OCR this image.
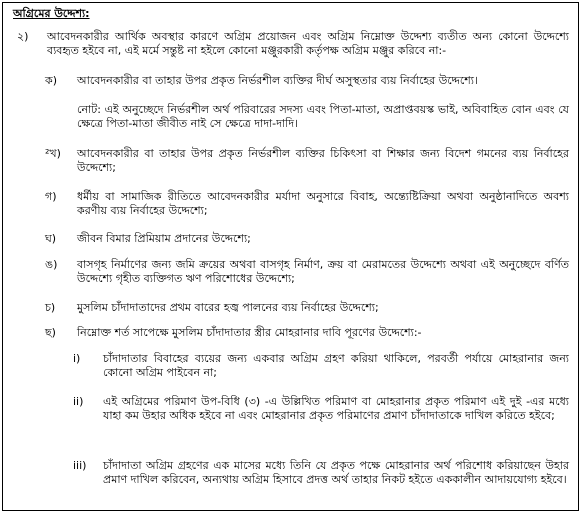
অগ্রিমের উদ্দেশ্য:
২) আবেদনকারীর আর্থিক অবস্থার কারণে অগ্রিম প্রয়োজন এবং অগ্রিম নিম্নোক্ত উদ্দেশ্য ব্যতীত অন্য কোনো উদ্দেশ্যে ব্যবহৃত হইবে না, এই মর্মে সন্তুষ্ট না হইলে কোনো মঞ্জুরকারী কর্তৃপক্ষ অগ্রিম মঞ্জুর করিবে না:-
ক) আবেদনকারীর বা তাহার উপর প্রকৃত নির্ভরশীল ব্যক্তির দীর্ঘ অসুস্থতার ব্যয় নির্বাহের উদ্দেশ্যে।
নোট: এই অনুচ্ছেদে নির্ভরশীল অর্থ পরিবারের সদস্য এবং পিতা-মাতা, অপ্রাপ্তবয়স্ক ভাই, অবিবাহিত বোন এবং যে ক্ষেত্রে পিতা-মাতা জীবীত নাই সে ক্ষেত্রে দাদা-দাদি।
²খ) আবেদনকারীর বা তাহার উপর প্রকৃত নির্ভরশীল ব্যক্তির চিকিৎসা বা শিক্ষার জন্য বিদেশ গমনের ব্যয় নির্বাহের উদ্দেশ্যে;
গ) ধর্মীয় বা সামাজিক রীতিতে আবেদনকারীর মর্যাদা অনুসারে বিবাহ, অন্ত্যেষ্টিক্রিয়া অথবা অনুষ্ঠানাদিতে অবশ্য করণীয় ব্যয় নির্বাহের উদ্দেশ্যে;
ঘ) জীবন বিমার প্রিমিয়াম প্রদানের উদ্দেশ্যে;
ঙ) বাসগৃহ নির্মাণের জন্য জমি ক্রয়ের অথবা বাসগৃহ নির্মাণ, ক্রয় বা মেরামতের উদ্দেশ্যে অথবা এই অনুচ্ছেদে বর্ণিত উদ্দেশ্যে গৃহীত ব্যক্তিগত ঋণ পরিশোধের উদ্দেশ্যে;
চ) মুসলিম চাঁদাদাতাদের প্রথম বারের হজ্ব পালনের ব্যয় নির্বাহের উদ্দেশ্যে;
ছ) নিম্নোক্ত শর্ত সাপেক্ষে মুসলিম চাঁদাদাতার স্ত্রীর মোহরানার দাবি পূরণের উদ্দেশ্যে:-
i) চাঁদাদাতার বিবাহের ব্যয়ের জন্য একবার অগ্রিম গ্রহণ করিয়া থাকিলে, পরবর্তী পর্যায়ে মোহরানার জন্য কোনো অগ্রিম পাইবেন না;
ii) এই অগ্রিমের পরিমাণ উপ-বিধি (৩) -এ উল্লিখিত পরিমাণ বা মোহরানার প্রকৃত পরিমাণ এই দুই -এর মধ্যে যাহা কম উহার অধিক হইবে না এবং মোহরানার প্রকৃত পরিমাণের প্রমাণ চাঁদাদাতাকে দাখিল করিতে হইবে;
iii) চাঁদাদাতা অগ্রিম গ্রহণের এক মাসের মধ্যে তিনি যে প্রকৃত পক্ষে মোহরানার অর্থ পরিশোধ করিয়াছেন উহার প্রমাণ দাখিল করিবেন, অন্যথায় অগ্রিম হিসাবে প্রদত্ত অর্থ তাহার নিকট হইতে এককালীন আদায়যোগ্য হইবে।
